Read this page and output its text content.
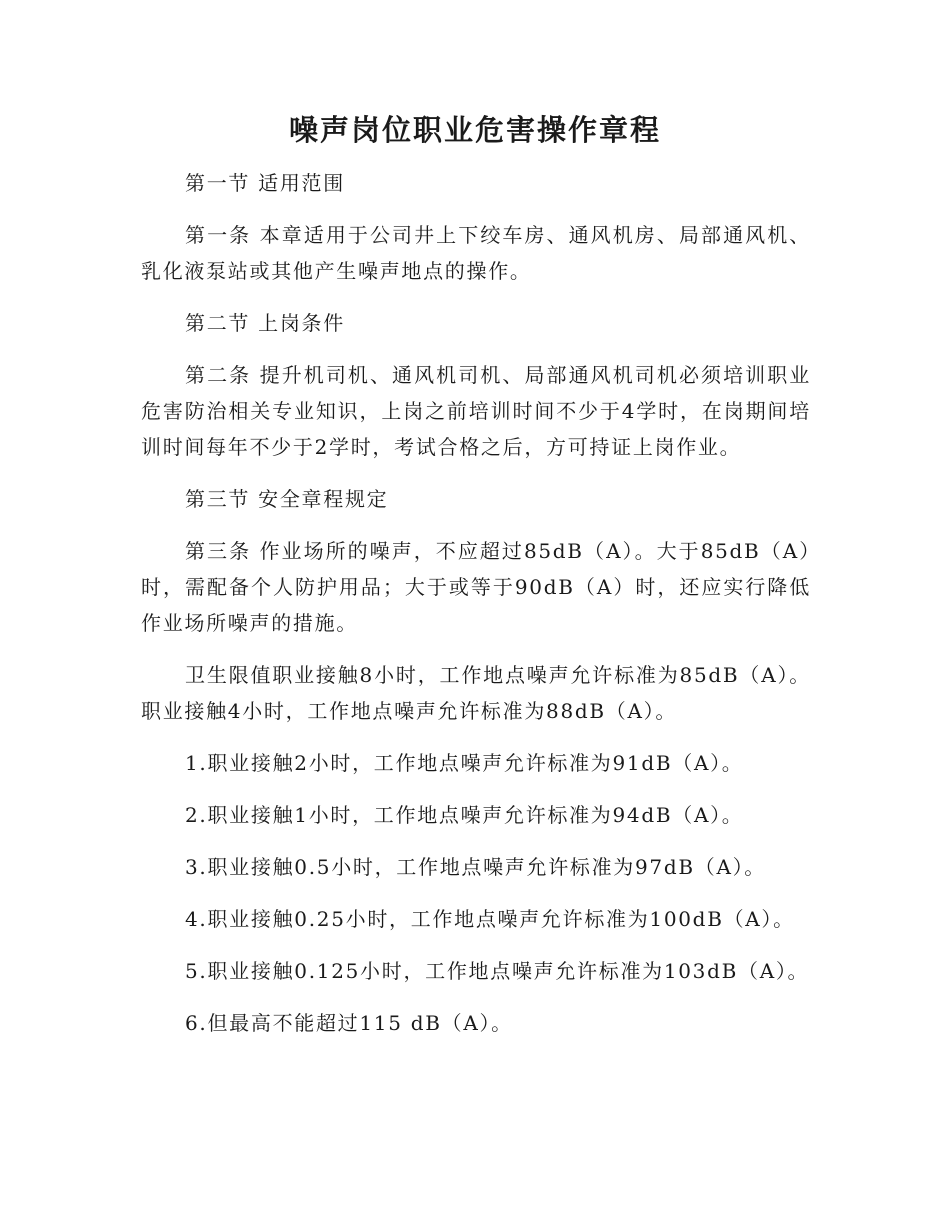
噪声岗位职业危害操作章程

第一节 适用范围

第一条 本章适用于公司井上下绞车房、通风机房、局部通风机、乳化液泵站或其他产生噪声地点的操作。

第二节 上岗条件

第二条 提升机司机、通风机司机、局部通风机司机必须培训职业危害防治相关专业知识，上岗之前培训时间不少于4学时，在岗期间培训时间每年不少于2学时，考试合格之后，方可持证上岗作业。

第三节 安全章程规定

第三条 作业场所的噪声，不应超过85dB（A）。大于85dB（A）时，需配备个人防护用品；大于或等于90dB（A）时，还应实行降低作业场所噪声的措施。

卫生限值职业接触8小时，工作地点噪声允许标准为85dB（A）。职业接触4小时，工作地点噪声允许标准为88dB（A）。

1.职业接触2小时，工作地点噪声允许标准为91dB（A）。

2.职业接触1小时，工作地点噪声允许标准为94dB（A）。

3.职业接触0.5小时，工作地点噪声允许标准为97dB（A）。

4.职业接触0.25小时，工作地点噪声允许标准为100dB（A）。

5.职业接触0.125小时，工作地点噪声允许标准为103dB（A）。

6.但最高不能超过115 dB（A）。
